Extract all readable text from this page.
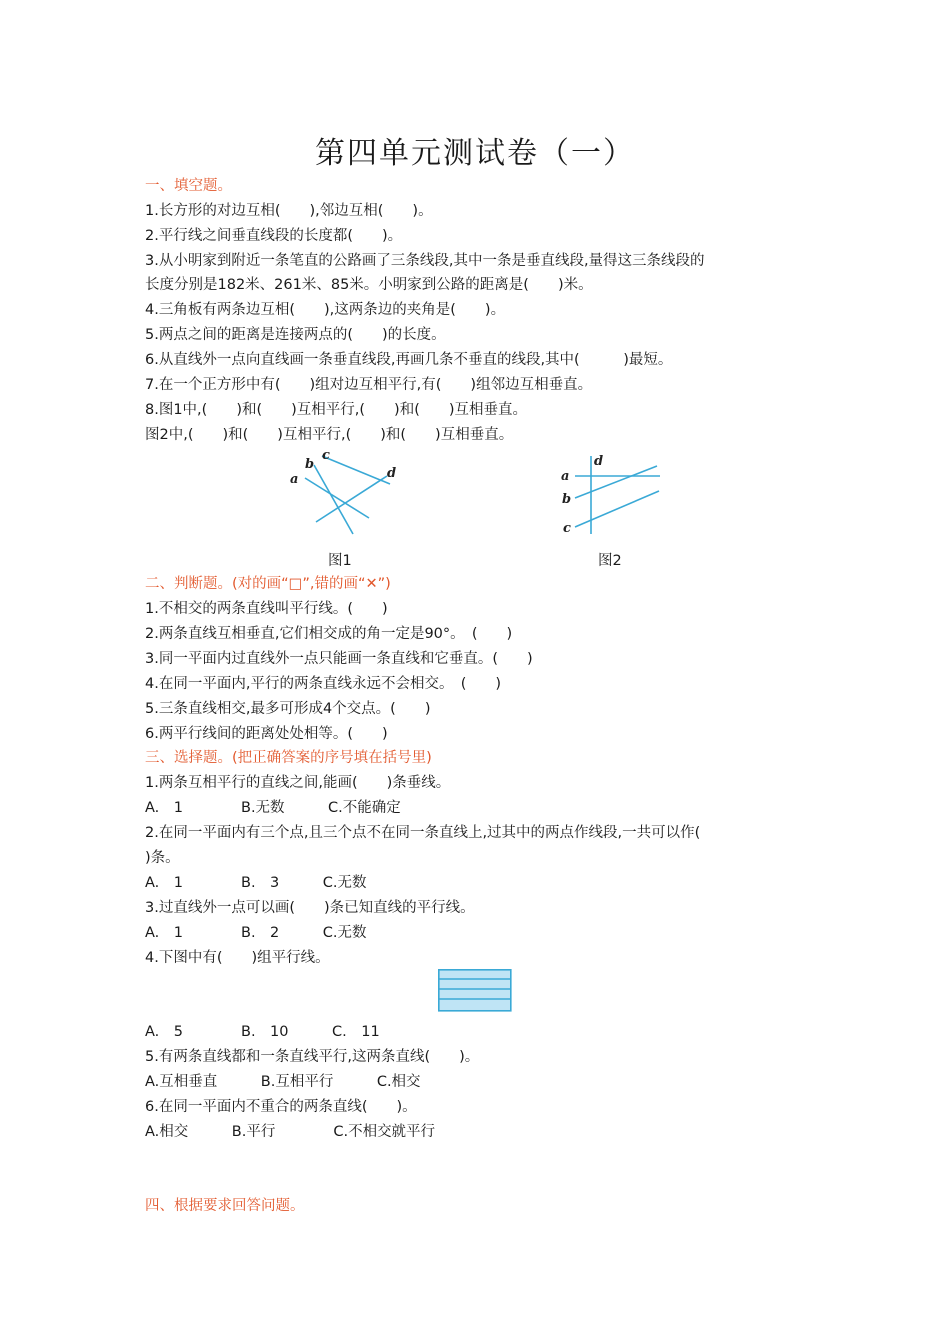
第四单元测试卷（一）
一、填空题。
1.长方形的对边互相(　　),邻边互相(　　)。
2.平行线之间垂直线段的长度都(　　)。
3.从小明家到附近一条笔直的公路画了三条线段,其中一条是垂直线段,量得这三条线段的
长度分别是182米、261米、85米。小明家到公路的距离是(　　)米。
4.三角板有两条边互相(　　),这两条边的夹角是(　　)。
5.两点之间的距离是连接两点的(　　)的长度。
6.从直线外一点向直线画一条垂直线段,再画几条不垂直的线段,其中(　　　)最短。
7.在一个正方形中有(　　)组对边互相平行,有(　　)组邻边互相垂直。
8.图1中,(　　)和(　　)互相平行,(　　)和(　　)互相垂直。
图2中,(　　)和(　　)互相平行,(　　)和(　　)互相垂直。
a
b
c
d
图1
a
b
c
d
图2
二、判断题。(对的画“□”,错的画“✕”)
1.不相交的两条直线叫平行线。(　　)
2.两条直线互相垂直,它们相交成的角一定是90°。　(　　)
3.同一平面内过直线外一点只能画一条直线和它垂直。(　　)
4.在同一平面内,平行的两条直线永远不会相交。　(　　)
5.三条直线相交,最多可形成4个交点。(　　)
6.两平行线间的距离处处相等。(　　)
三、选择题。(把正确答案的序号填在括号里)
1.两条互相平行的直线之间,能画(　　)条垂线。
A.　1　　　　B.无数　　　C.不能确定
2.在同一平面内有三个点,且三个点不在同一条直线上,过其中的两点作线段,一共可以作(
)条。
A.　1　　　　B.　3　　　C.无数
3.过直线外一点可以画(　　)条已知直线的平行线。
A.　1　　　　B.　2　　　C.无数
4.下图中有(　　)组平行线。
A.　5　　　　B.　10　　　C.　11
5.有两条直线都和一条直线平行,这两条直线(　　)。
A.互相垂直　　　B.互相平行　　　C.相交
6.在同一平面内不重合的两条直线(　　)。
A.相交　　　B.平行　　　　C.不相交就平行
四、根据要求回答问题。
